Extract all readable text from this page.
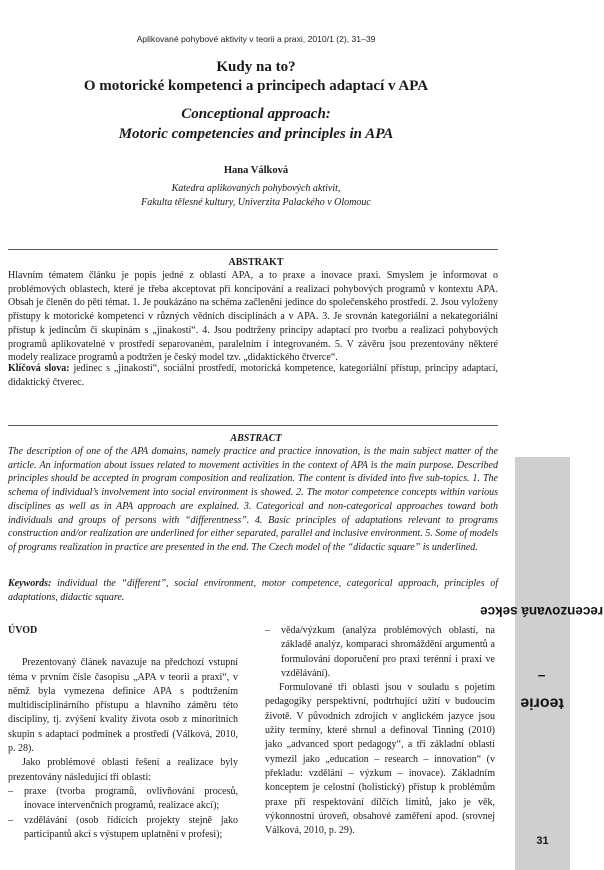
Aplikované pohybové aktivity v teorii a praxi, 2010/1 (2), 31–39
Kudy na to?
O motorické kompetenci a principech adaptací v APA
Conceptional approach:
Motoric competencies and principles in APA
Hana Válková
Katedra aplikovaných pohybových aktivit,
Fakulta tělesné kultury, Univerzita Palackého v Olomouc
ABSTRAKT

Hlavním tématem článku je popis jedné z oblastí APA, a to praxe a inovace praxi. Smyslem je informovat o problémových oblastech, které je třeba akceptovat při koncipování a realizaci pohybových programů v kontextu APA. Obsah je členěn do pěti témat. 1. Je poukázáno na schéma začlenění jedince do společenského prostředí. 2. Jsou vyloženy přístupy k motorické kompetenci v různých vědních disciplínách a v APA. 3. Je srovnán kategoriální a nekategoriální přístup k jedincům či skupinám s „jinakostí“. 4. Jsou podtrženy principy adaptací pro tvorbu a realizaci pohybových programů aplikovatelné v prostředí separovaném, paralelním i integrovaném. 5. V závěru jsou prezentovány některé modely realizace programů a podtržen je český model tzv. „didaktického čtverce“.

Klíčová slova: jedinec s „jinakostí“, sociální prostředí, motorická kompetence, kategoriální přístup, principy adaptací, didaktický čtverec.

ABSTRACT

The description of one of the APA domains, namely practice and practice innovation, is the main subject matter of the article. An information about issues related to movement activities in the context of APA is the main purpose. Described principles should be accepted in program composition and realization. The content is divided into five sub-topics. 1. The schema of individual’s involvement into social environment is showed. 2. The motor competence concepts within various disciplines as well as in APA approach are explained. 3. Categorical and non-categorical approaches toward both individuals and groups of persons with “differentness”. 4. Basic principles of adaptations relevant to programs construction and/or realization are underlined for either separated, parallel and inclusive environment. 5. Some of models of programs realization in practice are presented in the end. The Czech model of the “didactic square” is underlined.

Keywords: individual the “different”, social environment, motor competence, categorical approach, principles of adaptations, didactic square.

ÚVOD

Prezentovaný článek navazuje na předchozí vstupní téma v prvním čísle časopisu „APA v teorii a praxi“, v němž byla vymezena definice APA s podtržením multidisciplinárního přístupu a hlavního záměru této disciplíny, tj. zvýšení kvality života osob z minoritních skupin s adaptací podmínek a prostředí (Válková, 2010, p. 28).

Jako problémové oblasti řešení a realizace byly prezentovány následující tři oblasti:

– praxe (tvorba programů, ovlivňování procesů, inovace intervenčních programů, realizace akcí);
– vzdělávání (osob řídících projekty stejně jako participantů akcí s výstupem uplatnění v profesi);
– věda/výzkum (analýza problémových oblastí, na základě analýz, komparaci shromáždění argumentů a formulování doporučení pro praxi terénní i praxi ve vzdělávání).

Formulované tři oblasti jsou v souladu s pojetím pedagogiky perspektivní, podtrhující užití v budoucím životě. V původních zdrojích v anglickém jazyce jsou užity termíny, které shrnul a definoval Tinning (2010) jako „advanced sport pedagogy“, a tři základní oblasti vymezil jako „education – research – innovation“ (v překladu: vzdělání – výzkum – inovace). Základním konceptem je celostní (holistický) přístup k problémům praxe při respektování dílčích limitů, jako je věk, výkonnostní úroveň, obsahové zaměření apod. (srovnej Válková, 2010, p. 29).

teorie–recenzovaná sekce
31
